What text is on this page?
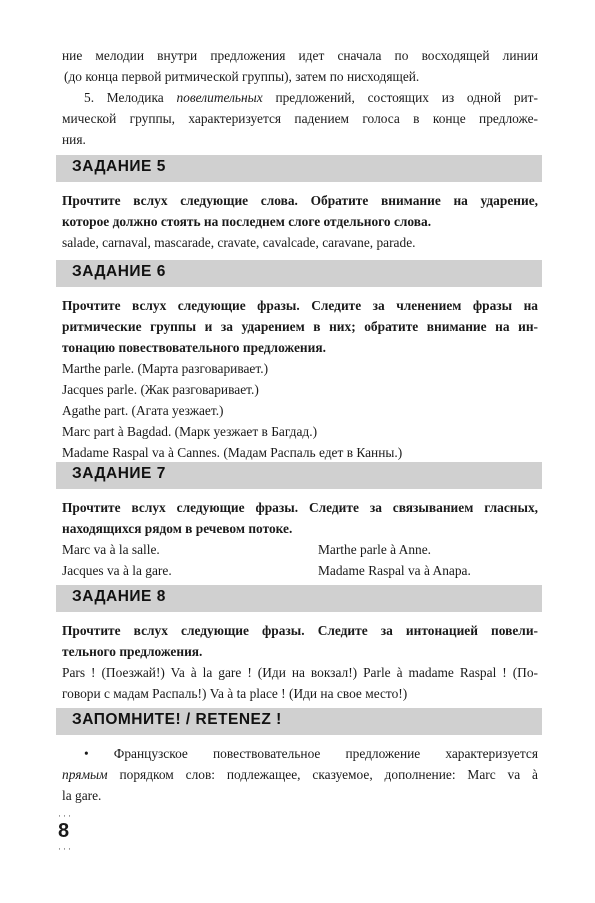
ние мелодии внутри предложения идет сначала по восходящей линии

(до конца первой ритмической группы), затем по нисходящей.

5. Мелодика повелительных предложений, состоящих из одной рит-

мической группы, характеризуется падением голоса в конце предложе-

ния.

ЗАДАНИЕ 5

Прочтите вслух следующие слова. Обратите внимание на ударение,

которое должно стоять на последнем слоге отдельного слова.

salade, carnaval, mascarade, cravate, cavalcade, caravane, parade.

ЗАДАНИЕ 6

Прочтите вслух следующие фразы. Следите за членением фразы на

ритмические группы и за ударением в них; обратите внимание на ин-

тонацию повествовательного предложения.

Marthe parle. (Марта разговаривает.)
Jacques parle. (Жак разговаривает.)
Agathe part. (Агата уезжает.)
Marc part à Bagdad. (Марк уезжает в Багдад.)
Madame Raspal va à Cannes. (Мадам Распаль едет в Канны.)
ЗАДАНИЕ 7

Прочтите вслух следующие фразы. Следите за связыванием гласных,

находящихся рядом в речевом потоке.

Marc va à la salle.	Marthe parle à Anne.
Jacques va à la gare.	Madame Raspal va à Anapa.
ЗАДАНИЕ 8

Прочтите вслух следующие фразы. Следите за интонацией повели-

тельного предложения.

Pars ! (Поезжай!) Va à la gare ! (Иди на вокзал!) Parle à madame Raspal ! (По-

говори с мадам Распаль!) Va à ta place ! (Иди на свое место!)

ЗАПОМНИТЕ! / RETENEZ !

• Французское повествовательное предложение характеризуется

прямым порядком слов: подлежащее, сказуемое, дополнение: Marc va à

la gare.

···
8
···
